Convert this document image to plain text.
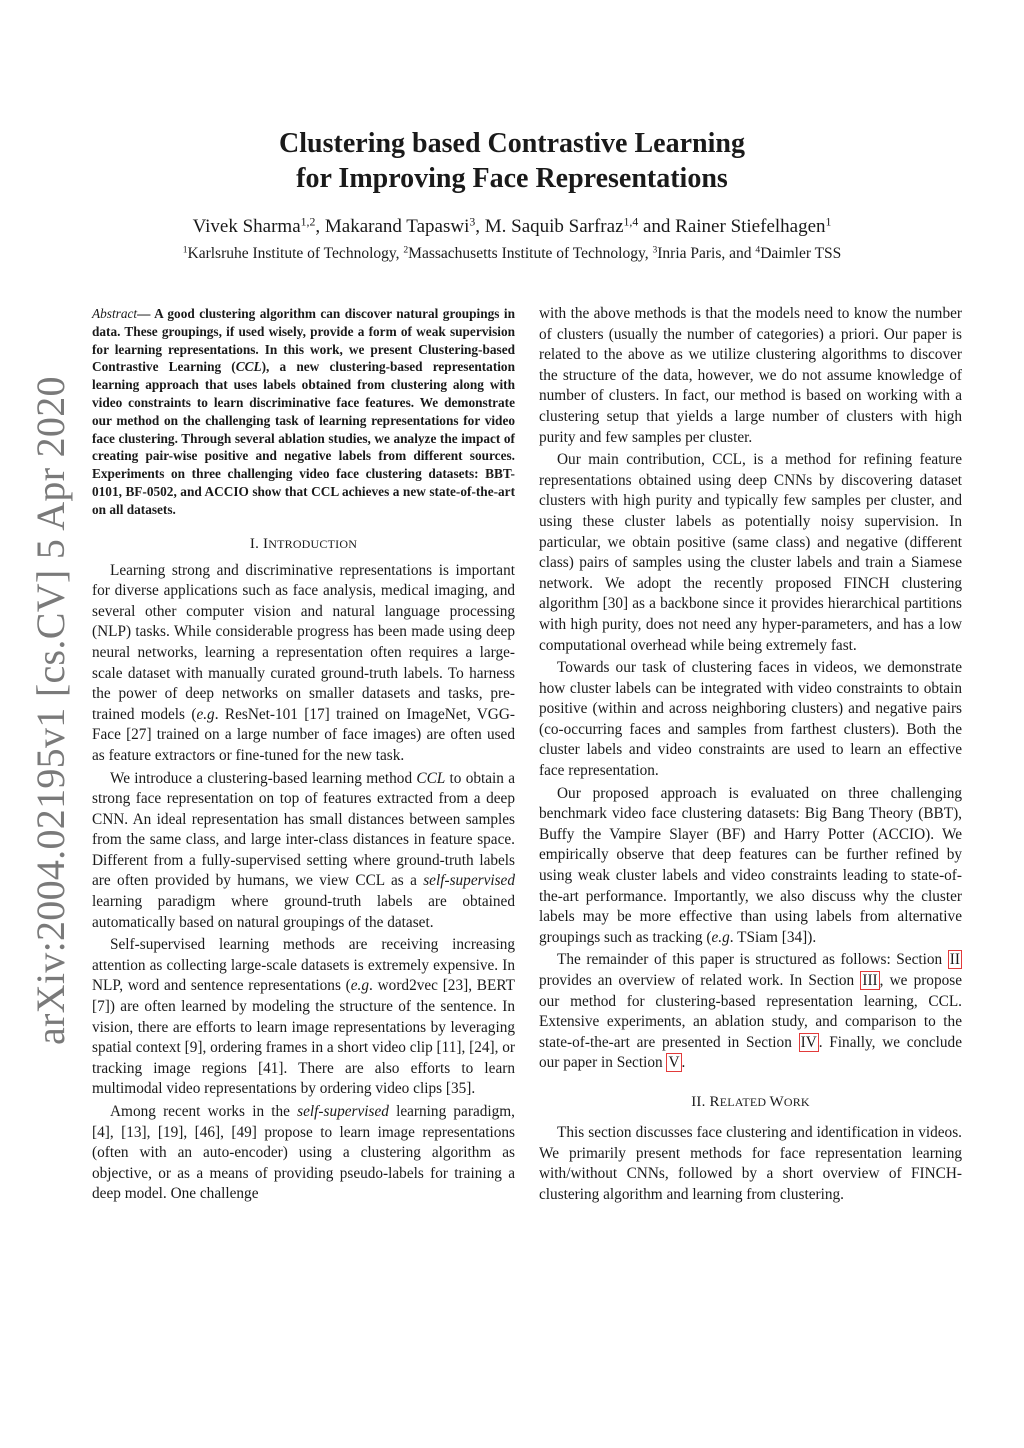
arXiv:2004.02195v1 [cs.CV] 5 Apr 2020
Clustering based Contrastive Learning
for Improving Face Representations
Vivek Sharma$^{1,2}$, Makarand Tapaswi$^3$, M. Saquib Sarfraz$^{1,4}$ and Rainer Stiefelhagen$^1$
$^1$Karlsruhe Institute of Technology, $^2$Massachusetts Institute of Technology, $^3$Inria Paris, and $^4$Daimler TSS

Abstract— A good clustering algorithm can discover natural groupings in data. These groupings, if used wisely, provide a form of weak supervision for learning representations. In this work, we present Clustering-based Contrastive Learning (CCL), a new clustering-based representation learning approach that uses labels obtained from clustering along with video constraints to learn discriminative face features. We demonstrate our method on the challenging task of learning representations for video face clustering. Through several ablation studies, we analyze the impact of creating pair-wise positive and negative labels from different sources. Experiments on three challenging video face clustering datasets: BBT-0101, BF-0502, and ACCIO show that CCL achieves a new state-of-the-art on all datasets.

I. INTRODUCTION

Learning strong and discriminative representations is important for diverse applications such as face analysis, medical imaging, and several other computer vision and natural language processing (NLP) tasks. While considerable progress has been made using deep neural networks, learning a representation often requires a large-scale dataset with manually curated ground-truth labels. To harness the power of deep networks on smaller datasets and tasks, pre-trained models (e.g. ResNet-101 [17] trained on ImageNet, VGG-Face [27] trained on a large number of face images) are often used as feature extractors or fine-tuned for the new task.

We introduce a clustering-based learning method CCL to obtain a strong face representation on top of features extracted from a deep CNN. An ideal representation has small distances between samples from the same class, and large inter-class distances in feature space. Different from a fully-supervised setting where ground-truth labels are often provided by humans, we view CCL as a self-supervised learning paradigm where ground-truth labels are obtained automatically based on natural groupings of the dataset.

Self-supervised learning methods are receiving increasing attention as collecting large-scale datasets is extremely expensive. In NLP, word and sentence representations (e.g. word2vec [23], BERT [7]) are often learned by modeling the structure of the sentence. In vision, there are efforts to learn image representations by leveraging spatial context [9], ordering frames in a short video clip [11], [24], or tracking image regions [41]. There are also efforts to learn multimodal video representations by ordering video clips [35].

Among recent works in the self-supervised learning paradigm, [4], [13], [19], [46], [49] propose to learn image representations (often with an auto-encoder) using a clustering algorithm as objective, or as a means of providing pseudo-labels for training a deep model. One challenge

with the above methods is that the models need to know the number of clusters (usually the number of categories) a priori. Our paper is related to the above as we utilize clustering algorithms to discover the structure of the data, however, we do not assume knowledge of number of clusters. In fact, our method is based on working with a clustering setup that yields a large number of clusters with high purity and few samples per cluster.

Our main contribution, CCL, is a method for refining feature representations obtained using deep CNNs by discovering dataset clusters with high purity and typically few samples per cluster, and using these cluster labels as potentially noisy supervision. In particular, we obtain positive (same class) and negative (different class) pairs of samples using the cluster labels and train a Siamese network. We adopt the recently proposed FINCH clustering algorithm [30] as a backbone since it provides hierarchical partitions with high purity, does not need any hyper-parameters, and has a low computational overhead while being extremely fast.

Towards our task of clustering faces in videos, we demonstrate how cluster labels can be integrated with video constraints to obtain positive (within and across neighboring clusters) and negative pairs (co-occurring faces and samples from farthest clusters). Both the cluster labels and video constraints are used to learn an effective face representation.

Our proposed approach is evaluated on three challenging benchmark video face clustering datasets: Big Bang Theory (BBT), Buffy the Vampire Slayer (BF) and Harry Potter (ACCIO). We empirically observe that deep features can be further refined by using weak cluster labels and video constraints leading to state-of-the-art performance. Importantly, we also discuss why the cluster labels may be more effective than using labels from alternative groupings such as tracking (e.g. TSiam [34]).

The remainder of this paper is structured as follows: Section II provides an overview of related work. In Section III , we propose our method for clustering-based representation learning, CCL. Extensive experiments, an ablation study, and comparison to the state-of-the-art are presented in Section IV . Finally, we conclude our paper in Section V .

II. RELATED WORK

This section discusses face clustering and identification in videos. We primarily present methods for face representation learning with/without CNNs, followed by a short overview of FINCH-clustering algorithm and learning from clustering.
